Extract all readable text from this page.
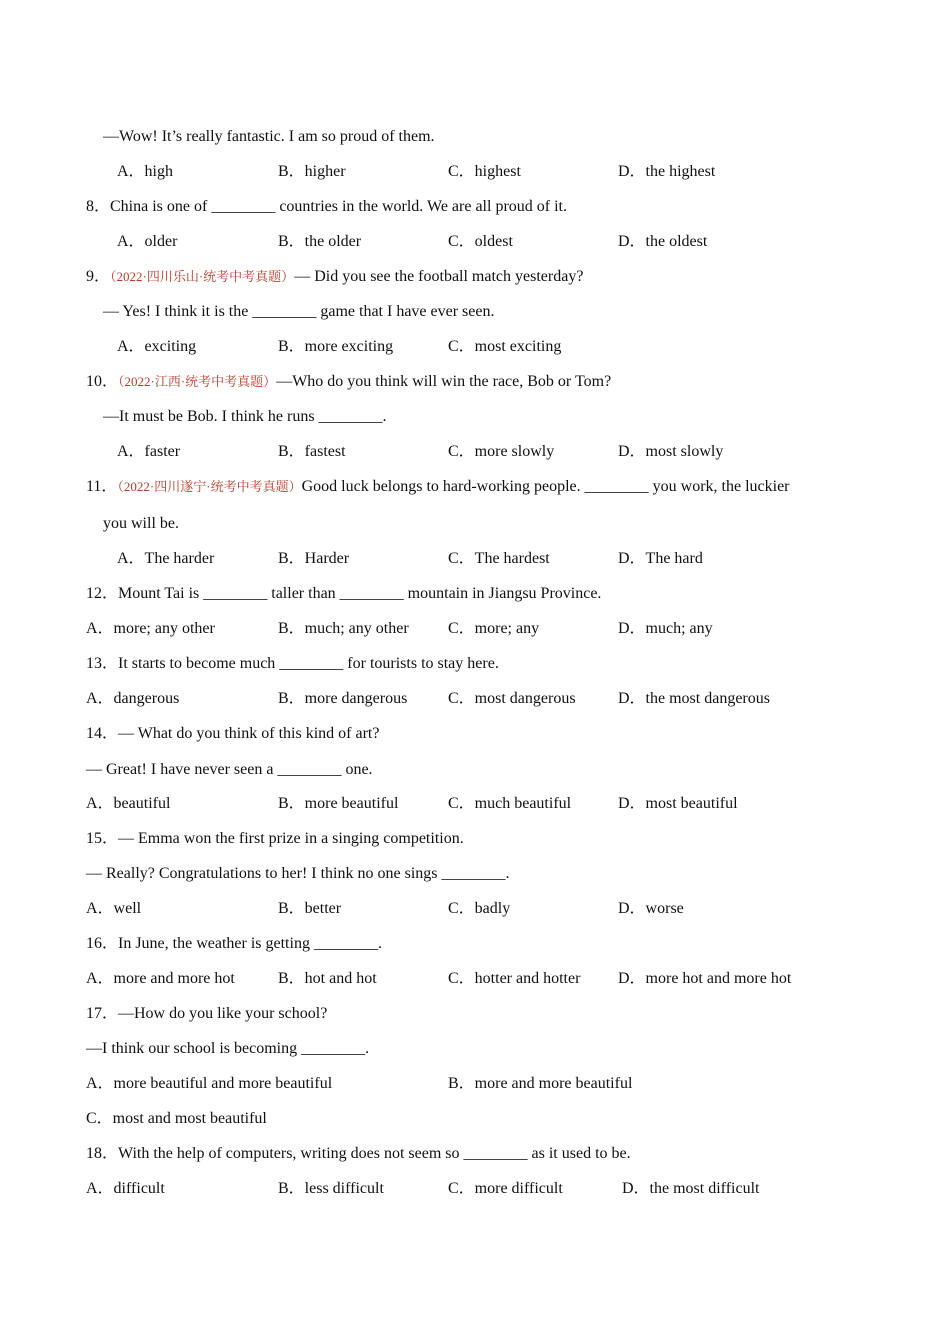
—Wow! It’s really fantastic. I am so proud of them.
A．high	B．higher	C．highest	D．the highest
8．China is one of ________ countries in the world. We are all proud of it.
A．older	B．the older	C．oldest	D．the oldest
9．（2022·四川乐山·统考中考真题）— Did you see the football match yesterday?
— Yes! I think it is the ________ game that I have ever seen.
A．exciting	B．more exciting	C．most exciting
10．（2022·江西·统考中考真题）—Who do you think will win the race, Bob or Tom?
—It must be Bob. I think he runs ________.
A．faster	B．fastest	C．more slowly	D．most slowly
11．（2022·四川遂宁·统考中考真题）Good luck belongs to hard-working people. ________ you work, the luckier
you will be.
A．The harder	B．Harder	C．The hardest	D．The hard
12．Mount Tai is ________ taller than ________ mountain in Jiangsu Province.
A．more; any other	B．much; any other C．more; any	D．much; any
13．It starts to become much ________ for tourists to stay here.
A．dangerous	B．more dangerous	C．most dangerous	D．the most dangerous
14．— What do you think of this kind of art?
— Great! I have never seen a ________ one.
A．beautiful	B．more beautiful	C．much beautiful	D．most beautiful
15．— Emma won the first prize in a singing competition.
— Really? Congratulations to her! I think no one sings ________.
A．well	B．better	C．badly	D．worse
16．In June, the weather is getting ________.
A．more and more hot	B．hot and hot	C．hotter and hotter D．more hot and more hot
17．—How do you like your school?
—I think our school is becoming ________.
A．more beautiful and more beautiful	B．more and more beautiful
C．most and most beautiful
18．With the help of computers, writing does not seem so ________ as it used to be.
A．difficult	B．less difficult	C．more difficult	D．the most difficult
